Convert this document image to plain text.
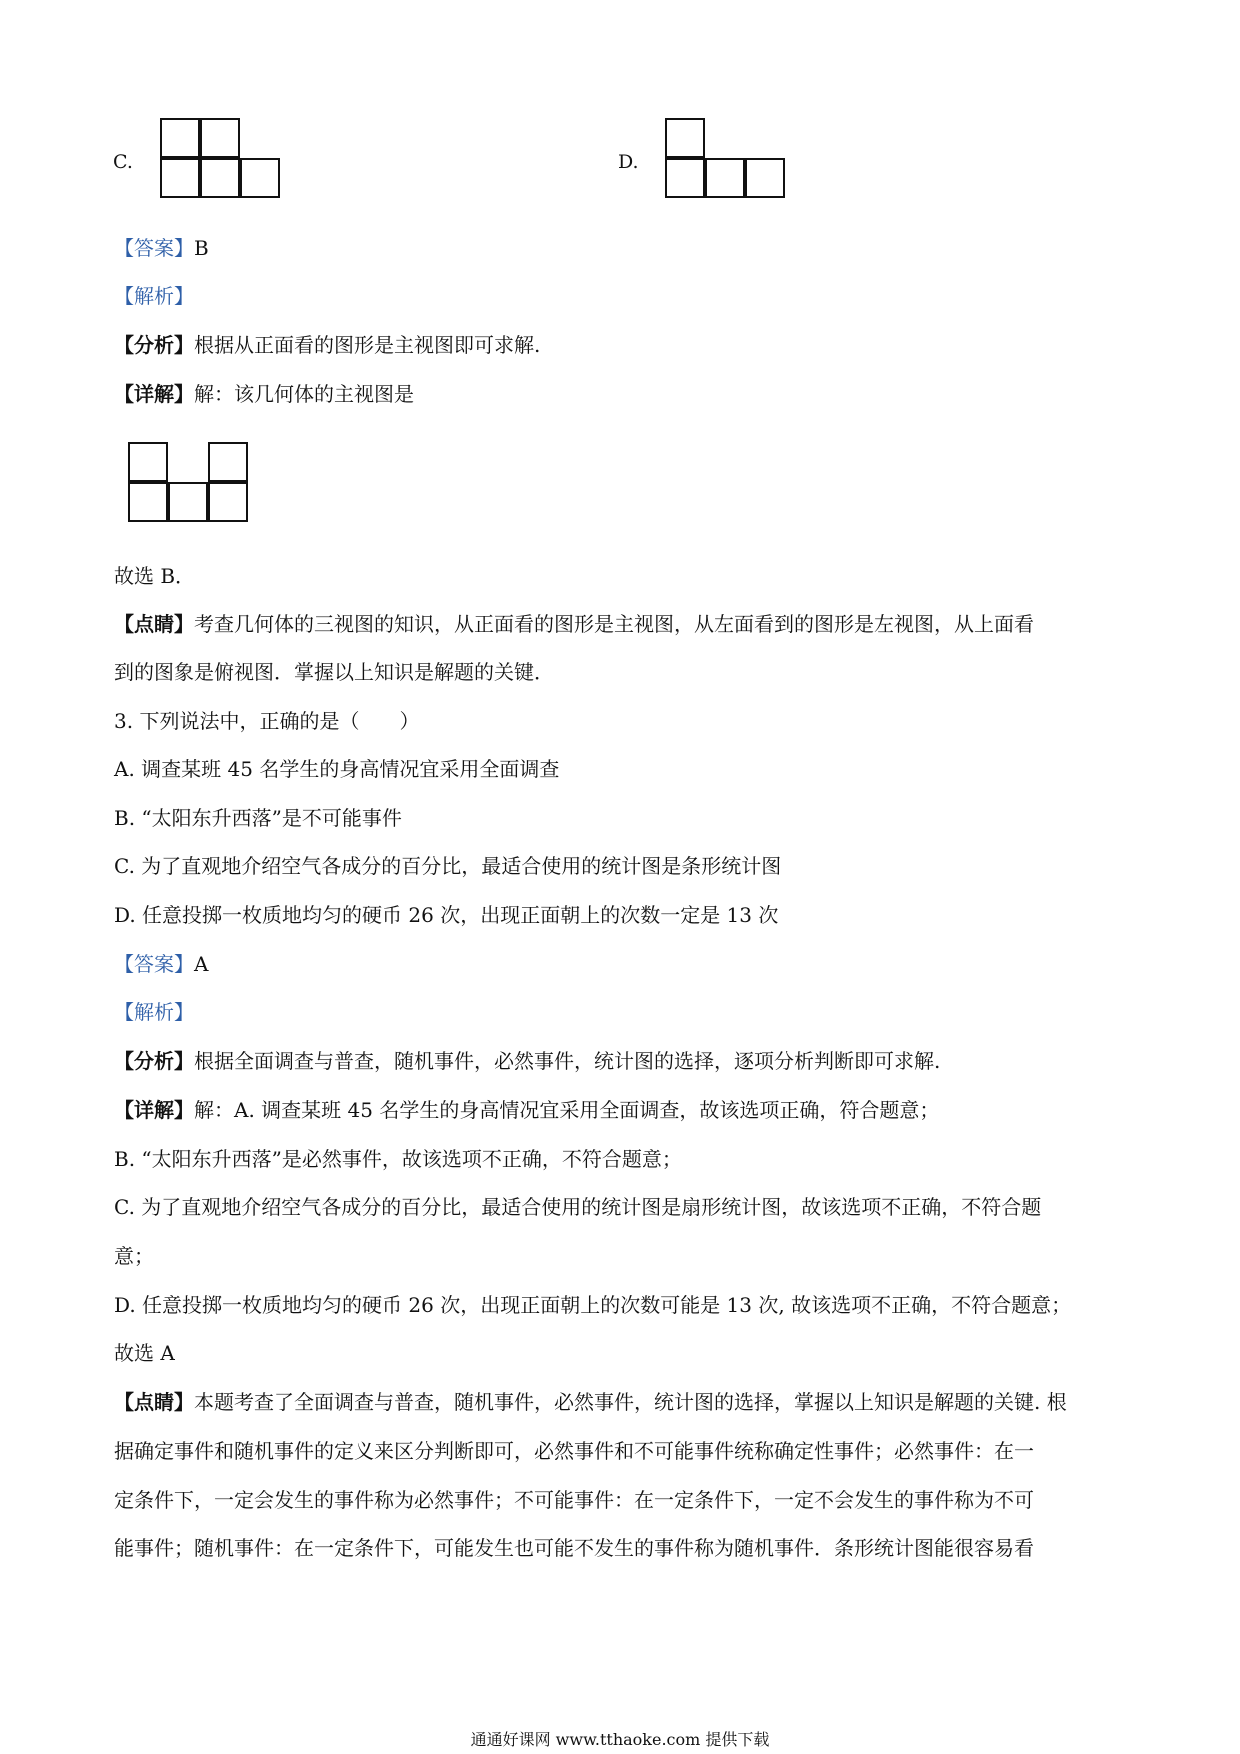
C.	D.
【答案】B
【解析】
【分析】根据从正面看的图形是主视图即可求解.
【详解】解：该几何体的主视图是
故选 B．
【点睛】考查几何体的三视图的知识，从正面看的图形是主视图，从左面看到的图形是左视图，从上面看
到的图象是俯视图．掌握以上知识是解题的关键．
3. 下列说法中，正确的是（　　）
A. 调查某班 45 名学生的身高情况宜采用全面调查
B. “太阳东升西落”是不可能事件
C. 为了直观地介绍空气各成分的百分比，最适合使用的统计图是条形统计图
D. 任意投掷一枚质地均匀的硬币 26 次，出现正面朝上的次数一定是 13 次
【答案】A
【解析】
【分析】根据全面调查与普查，随机事件，必然事件，统计图的选择，逐项分析判断即可求解.
【详解】解：A. 调查某班 45 名学生的身高情况宜采用全面调查，故该选项正确，符合题意；
B. “太阳东升西落”是必然事件，故该选项不正确，不符合题意；
C. 为了直观地介绍空气各成分的百分比，最适合使用的统计图是扇形统计图，故该选项不正确，不符合题
意；
D. 任意投掷一枚质地均匀的硬币 26 次，出现正面朝上的次数可能是 13 次, 故该选项不正确，不符合题意；
故选 A
【点睛】本题考查了全面调查与普查，随机事件，必然事件，统计图的选择，掌握以上知识是解题的关键. 根
据确定事件和随机事件的定义来区分判断即可，必然事件和不可能事件统称确定性事件；必然事件：在一
定条件下，一定会发生的事件称为必然事件；不可能事件：在一定条件下，一定不会发生的事件称为不可
能事件；随机事件：在一定条件下，可能发生也可能不发生的事件称为随机事件．条形统计图能很容易看
通通好课网 www.tthaoke.com 提供下载
